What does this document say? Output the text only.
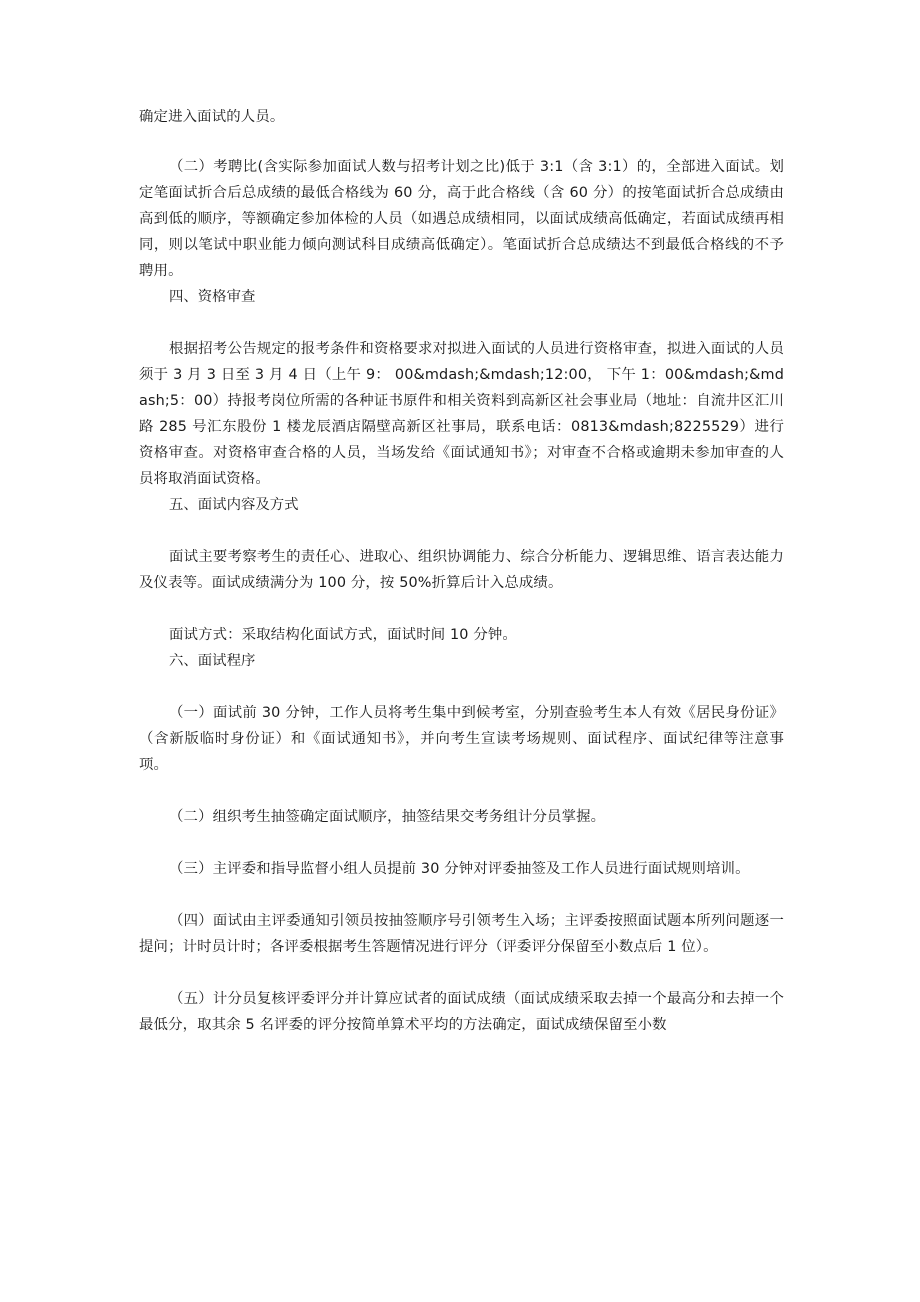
确定进入面试的人员。

（二）考聘比(含实际参加面试人数与招考计划之比)低于 3:1（含 3:1）的，全部进入面试。划定笔面试折合后总成绩的最低合格线为 60 分，高于此合格线（含 60 分）的按笔面试折合总成绩由高到低的顺序，等额确定参加体检的人员（如遇总成绩相同，以面试成绩高低确定，若面试成绩再相同，则以笔试中职业能力倾向测试科目成绩高低确定）。笔面试折合总成绩达不到最低合格线的不予聘用。

四、资格审查

根据招考公告规定的报考条件和资格要求对拟进入面试的人员进行资格审查，拟进入面试的人员须于 3 月 3 日至 3 月 4 日（上午 9： 00&mdash;&mdash;12:00， 下午 1：00&mdash;&mdash;5：00）持报考岗位所需的各种证书原件和相关资料到高新区社会事业局（地址：自流井区汇川路 285 号汇东股份 1 楼龙辰酒店隔壁高新区社事局，联系电话：0813&mdash;8225529）进行资格审查。对资格审查合格的人员，当场发给《面试通知书》；对审查不合格或逾期未参加审查的人员将取消面试资格。

五、面试内容及方式

面试主要考察考生的责任心、进取心、组织协调能力、综合分析能力、逻辑思维、语言表达能力及仪表等。面试成绩满分为 100 分，按 50%折算后计入总成绩。

面试方式：采取结构化面试方式，面试时间 10 分钟。

六、面试程序

（一）面试前 30 分钟，工作人员将考生集中到候考室，分别查验考生本人有效《居民身份证》（含新版临时身份证）和《面试通知书》，并向考生宣读考场规则、面试程序、面试纪律等注意事项。

（二）组织考生抽签确定面试顺序，抽签结果交考务组计分员掌握。

（三）主评委和指导监督小组人员提前 30 分钟对评委抽签及工作人员进行面试规则培训。

（四）面试由主评委通知引领员按抽签顺序号引领考生入场；主评委按照面试题本所列问题逐一提问；计时员计时；各评委根据考生答题情况进行评分（评委评分保留至小数点后 1 位）。

（五）计分员复核评委评分并计算应试者的面试成绩（面试成绩采取去掉一个最高分和去掉一个最低分，取其余 5 名评委的评分按简单算术平均的方法确定，面试成绩保留至小数
